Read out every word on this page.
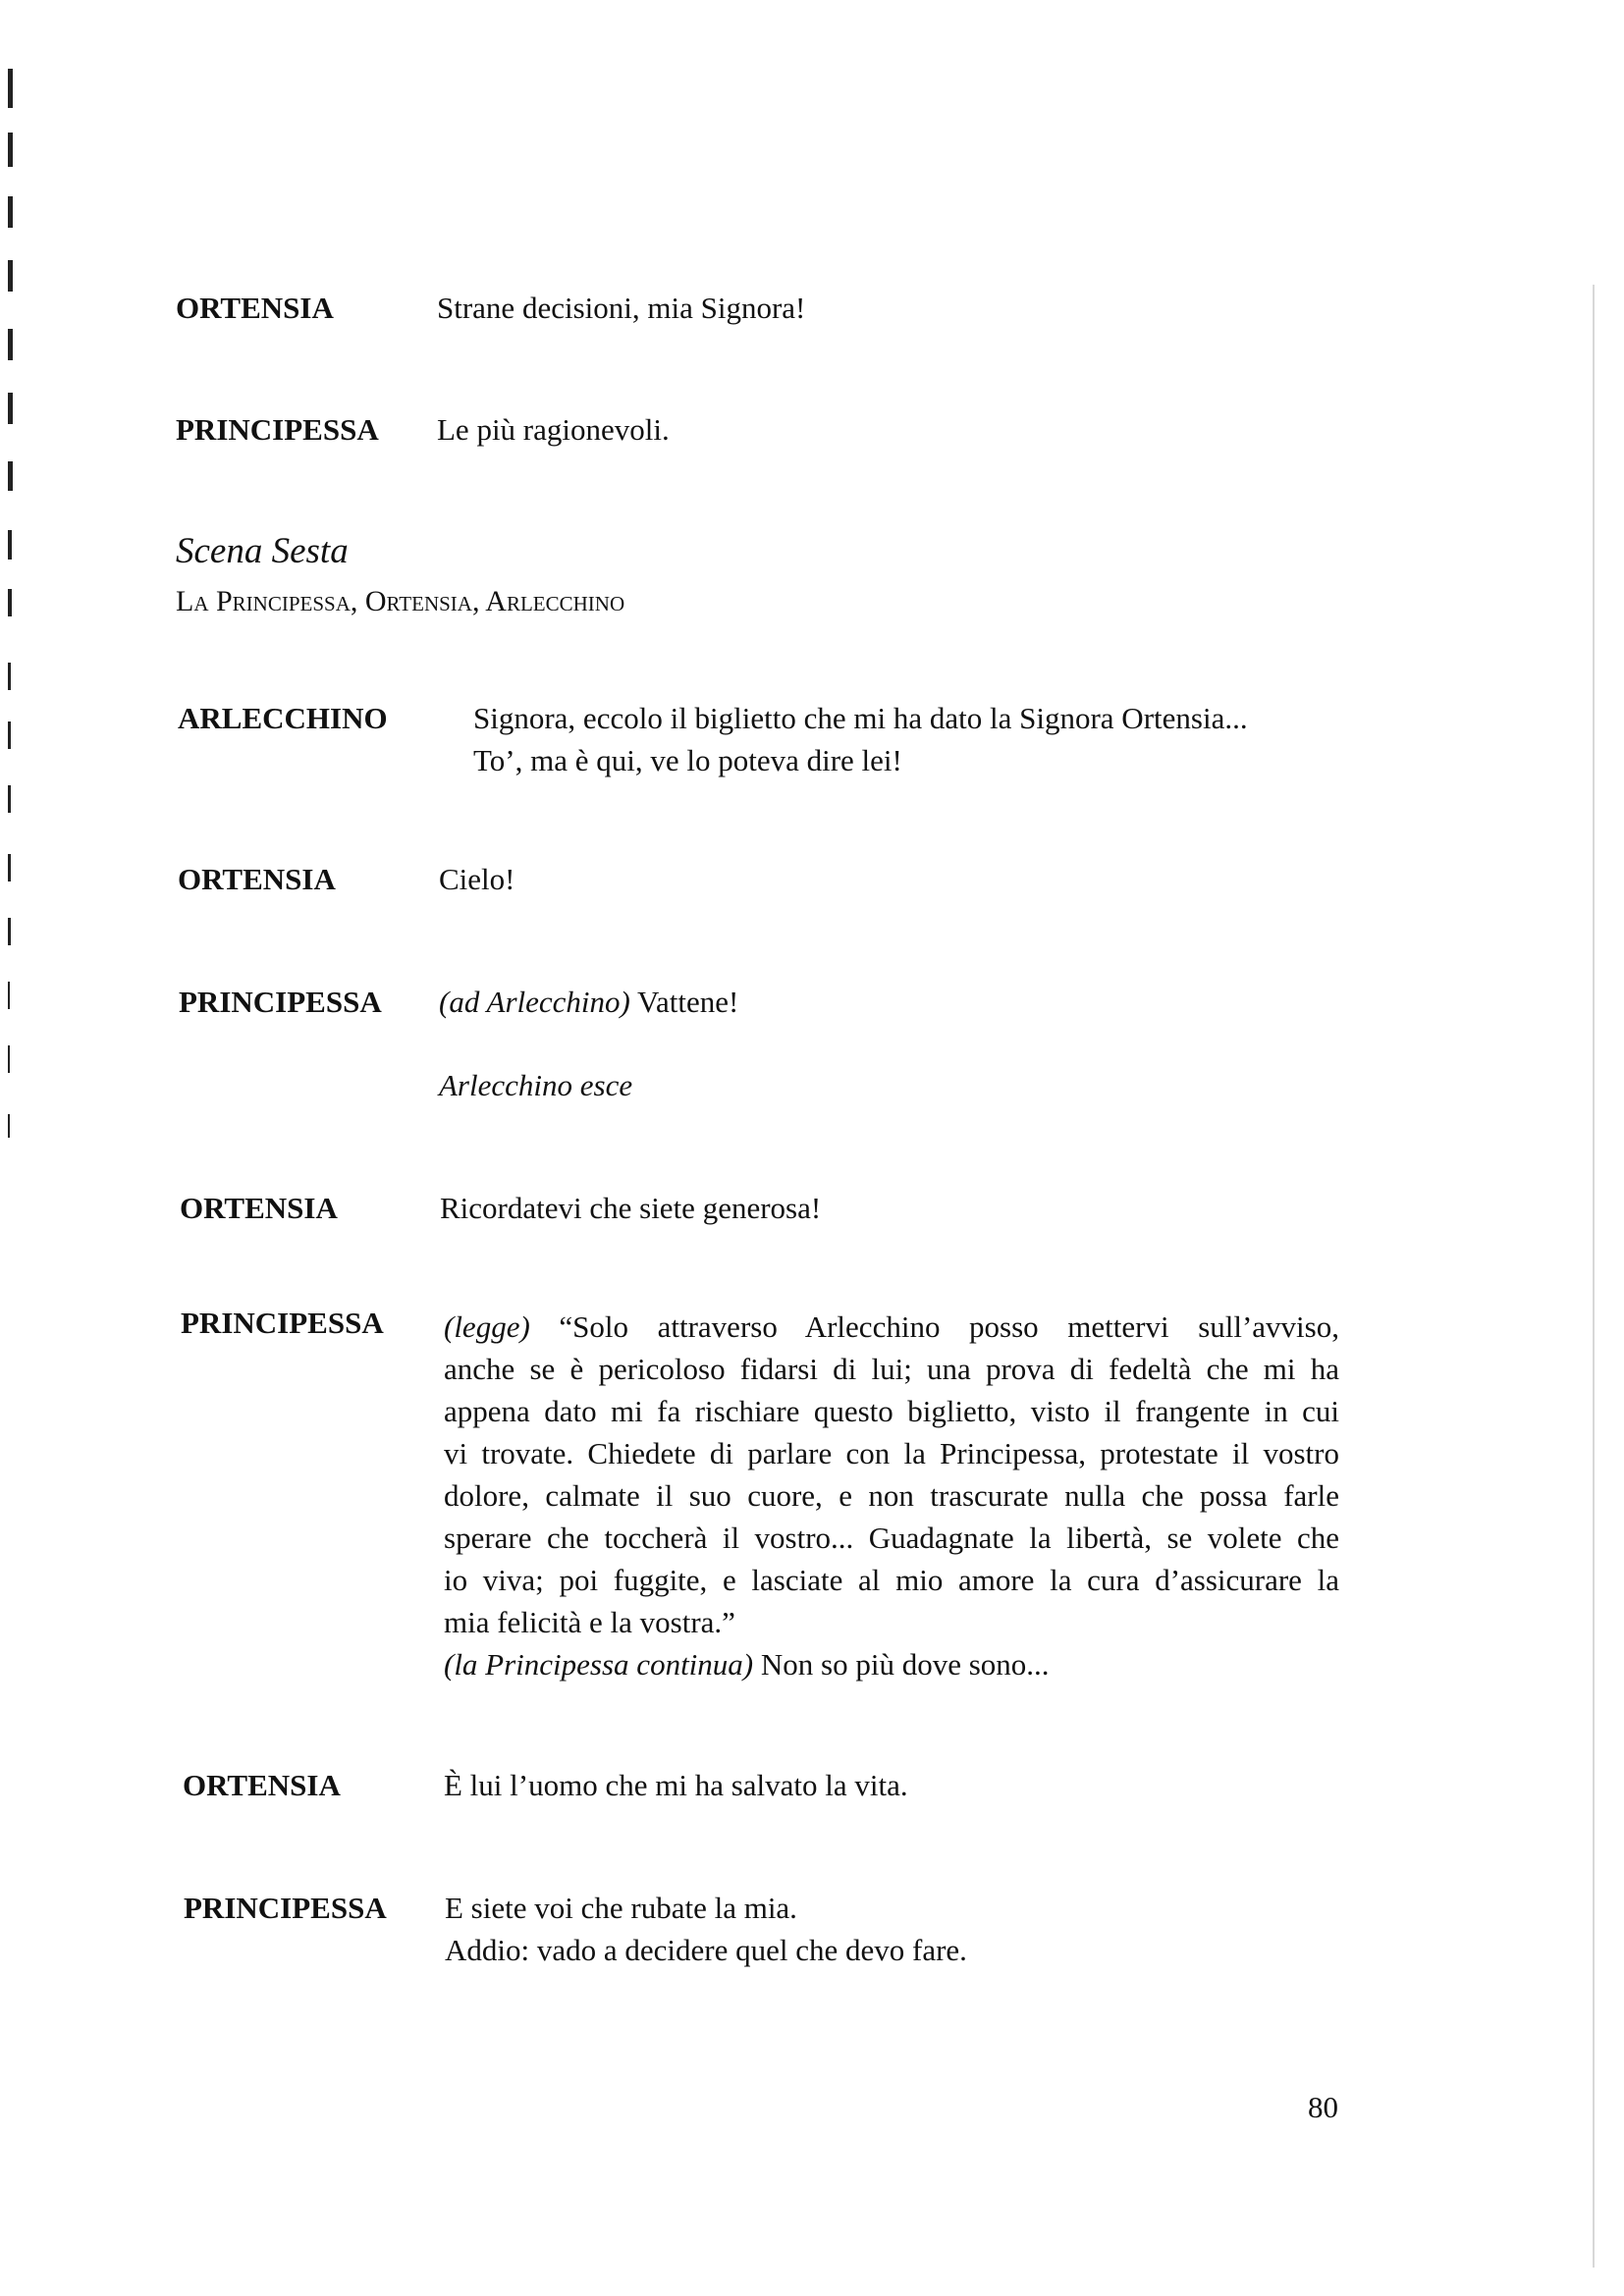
ORTENSIA	Strane decisioni, mia Signora!
PRINCIPESSA Le più ragionevoli.
Scena Sesta
La Principessa, Ortensia, Arlecchino
ARLECCHINO	Signora, eccolo il biglietto che mi ha dato la Signora Ortensia...
To’, ma è qui, ve lo poteva dire lei!
ORTENSIA	Cielo!
PRINCIPESSA (ad Arlecchino) Vattene!
Arlecchino esce
ORTENSIA	Ricordatevi che siete generosa!
PRINCIPESSA (legge) “Solo attraverso Arlecchino posso mettervi sull’avviso,
anche se è pericoloso fidarsi di lui; una prova di fedeltà che mi ha
appena dato mi fa rischiare questo biglietto, visto il frangente in cui
vi trovate. Chiedete di parlare con la Principessa, protestate il vostro
dolore, calmate il suo cuore, e non trascurate nulla che possa farle
sperare che toccherà il vostro... Guadagnate la libertà, se volete che
io viva; poi fuggite, e lasciate al mio amore la cura d’assicurare la
mia felicità e la vostra.”
(la Principessa continua) Non so più dove sono...
ORTENSIA	È lui l’uomo che mi ha salvato la vita.
PRINCIPESSA E siete voi che rubate la mia.
Addio: vado a decidere quel che devo fare.
80
